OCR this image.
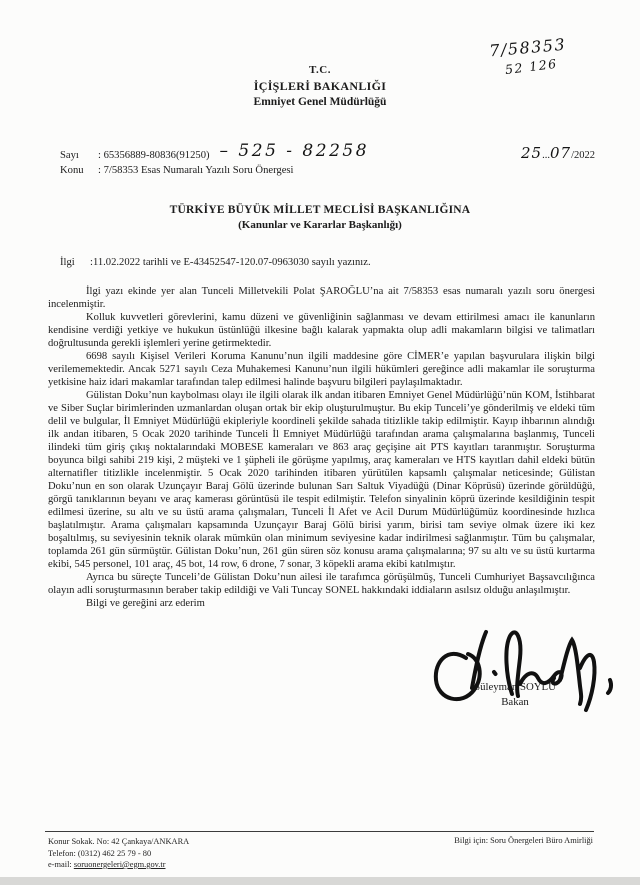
7/58353
52 126
T.C.
İÇİŞLERİ BAKANLIĞI
Emniyet Genel Müdürlüğü
Sayı	: 65356889-80836(91250) – 525 - 82258
Konu	: 7/58353 Esas Numaralı Yazılı Soru Önergesi
25...07/2022
TÜRKİYE BÜYÜK MİLLET MECLİSİ BAŞKANLIĞINA
(Kanunlar ve Kararlar Başkanlığı)
İlgi	:11.02.2022 tarihli ve E-43452547-120.07-0963030 sayılı yazınız.

İlgi yazı ekinde yer alan Tunceli Milletvekili Polat ŞAROĞLU’na ait 7/58353 esas numaralı yazılı soru önergesi incelenmiştir.

Kolluk kuvvetleri görevlerini, kamu düzeni ve güvenliğinin sağlanması ve devam ettirilmesi amacı ile kanunların kendisine verdiği yetkiye ve hukukun üstünlüğü ilkesine bağlı kalarak yapmakta olup adli makamların bilgisi ve talimatları doğrultusunda gerekli işlemleri yerine getirmektedir.

6698 sayılı Kişisel Verileri Koruma Kanunu’nun ilgili maddesine göre CİMER’e yapılan başvurulara ilişkin bilgi verilememektedir. Ancak 5271 sayılı Ceza Muhakemesi Kanunu’nun ilgili hükümleri gereğince adli makamlar ile soruşturma yetkisine haiz idari makamlar tarafından talep edilmesi halinde başvuru bilgileri paylaşılmaktadır.

Gülistan Doku’nun kaybolması olayı ile ilgili olarak ilk andan itibaren Emniyet Genel Müdürlüğü’nün KOM, İstihbarat ve Siber Suçlar birimlerinden uzmanlardan oluşan ortak bir ekip oluşturulmuştur. Bu ekip Tunceli’ye gönderilmiş ve eldeki tüm delil ve bulgular, İl Emniyet Müdürlüğü ekipleriyle koordineli şekilde sahada titizlikle takip edilmiştir. Kayıp ihbarının alındığı ilk andan itibaren, 5 Ocak 2020 tarihinde Tunceli İl Emniyet Müdürlüğü tarafından arama çalışmalarına başlanmış, Tunceli ilindeki tüm giriş çıkış noktalarındaki MOBESE kameraları ve 863 araç geçişine ait PTS kayıtları taranmıştır. Soruşturma boyunca bilgi sahibi 219 kişi, 2 müşteki ve 1 şüpheli ile görüşme yapılmış, araç kameraları ve HTS kayıtları dahil eldeki bütün alternatifler titizlikle incelenmiştir. 5 Ocak 2020 tarihinden itibaren yürütülen kapsamlı çalışmalar neticesinde; Gülistan Doku’nun en son olarak Uzunçayır Baraj Gölü üzerinde bulunan Sarı Saltuk Viyadüğü (Dinar Köprüsü) üzerinde görüldüğü, görgü tanıklarının beyanı ve araç kamerası görüntüsü ile tespit edilmiştir. Telefon sinyalinin köprü üzerinde kesildiğinin tespit edilmesi üzerine, su altı ve su üstü arama çalışmaları, Tunceli İl Afet ve Acil Durum Müdürlüğümüz koordinesinde hızlıca başlatılmıştır. Arama çalışmaları kapsamında Uzunçayır Baraj Gölü birisi yarım, birisi tam seviye olmak üzere iki kez boşaltılmış, su seviyesinin teknik olarak mümkün olan minimum seviyesine kadar indirilmesi sağlanmıştır. Tüm bu çalışmalar, toplamda 261 gün sürmüştür. Gülistan Doku’nun, 261 gün süren söz konusu arama çalışmalarına; 97 su altı ve su üstü kurtarma ekibi, 545 personel, 101 araç, 45 bot, 14 row, 6 drone, 7 sonar, 3 köpekli arama ekibi katılmıştır.

Ayrıca bu süreçte Tunceli’de Gülistan Doku’nun ailesi ile tarafımca görüşülmüş, Tunceli Cumhuriyet Başsavcılığınca olayın adli soruşturmasının beraber takip edildiği ve Vali Tuncay SONEL hakkındaki iddiaların asılsız olduğu anlaşılmıştır.

Bilgi ve gereğini arz ederim

Süleyman SOYLU
Bakan
Konur Sokak. No: 42 Çankaya/ANKARA
Telefon: (0312) 462 25 79 - 80
e-mail: soruonergeleri@egm.gov.tr
Bilgi için: Soru Önergeleri Büro Amirliği
